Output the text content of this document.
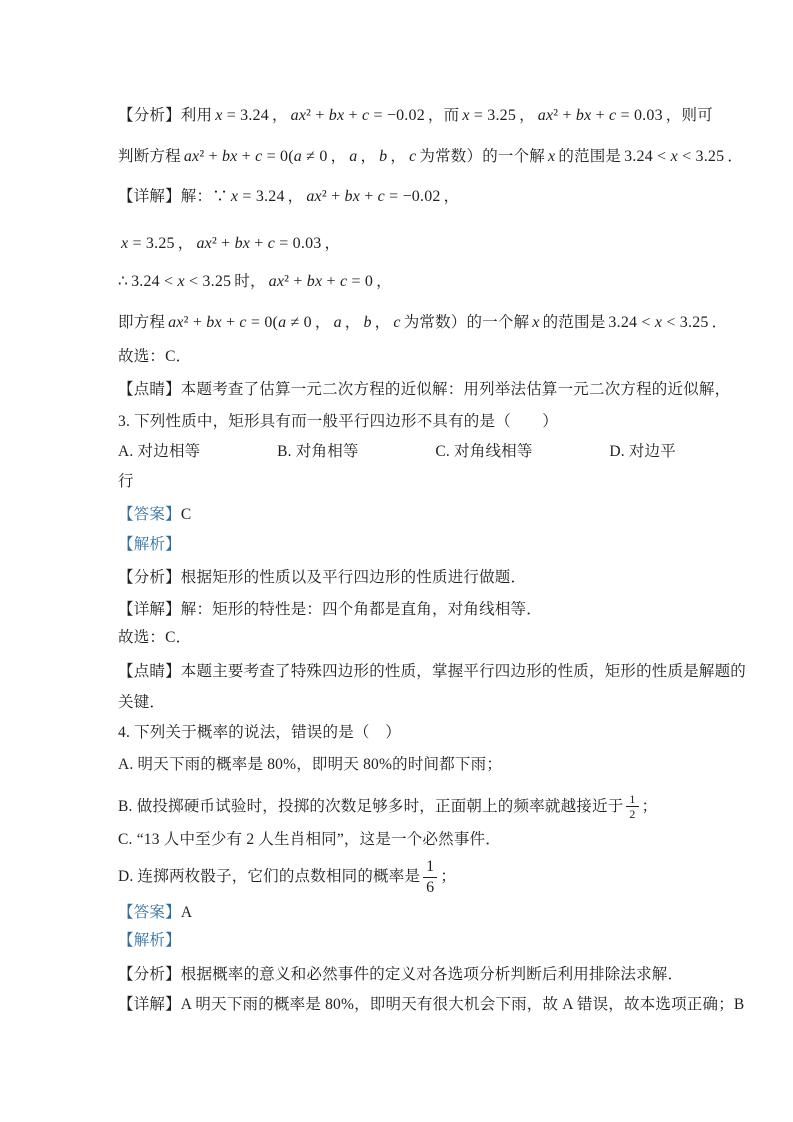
【分析】利用 x = 3.24 ， ax² + bx + c = −0.02 ，而 x = 3.25 ， ax² + bx + c = 0.03 ，则可
判断方程 ax² + bx + c = 0(a ≠ 0 ， a ， b ， c 为常数）的一个解 x 的范围是 3.24 < x < 3.25 ．
【详解】解：∵ x = 3.24 ， ax² + bx + c = −0.02 ，
x = 3.25 ， ax² + bx + c = 0.03 ，
∴ 3.24 < x < 3.25 时， ax² + bx + c = 0 ，
即方程 ax² + bx + c = 0(a ≠ 0 ， a ， b ， c 为常数）的一个解 x 的范围是 3.24 < x < 3.25 ．
故选：C．
【点睛】本题考查了估算一元二次方程的近似解：用列举法估算一元二次方程的近似解，
3. 下列性质中，矩形具有而一般平行四边形不具有的是（　　）
A. 对边相等	B. 对角相等	C. 对角线相等	D. 对边平
行
【答案】 C
【解析】
【分析】根据矩形的性质以及平行四边形的性质进行做题．
【详解】解：矩形的特性是：四个角都是直角，对角线相等．
故选：C．
【点睛】本题主要考查了特殊四边形的性质，掌握平行四边形的性质，矩形的性质是解题的
关键．
4. 下列关于概率的说法，错误的是（　）
A. 明天下雨的概率是 80%，即明天 80%的时间都下雨；
B. 做投掷硬币试验时，投掷的次数足够多时，正面朝上的频率就越接近于 $\frac{1}{2}$ ；
C. “13 人中至少有 2 人生肖相同”，这是一个必然事件．
D. 连掷两枚骰子，它们的点数相同的概率是 $\frac{1}{6}$ ；
【答案】 A
【解析】
【分析】根据概率的意义和必然事件的定义对各选项分析判断后利用排除法求解．
【详解】A 明天下雨的概率是 80%，即明天有很大机会下雨，故 A 错误，故本选项正确；B
